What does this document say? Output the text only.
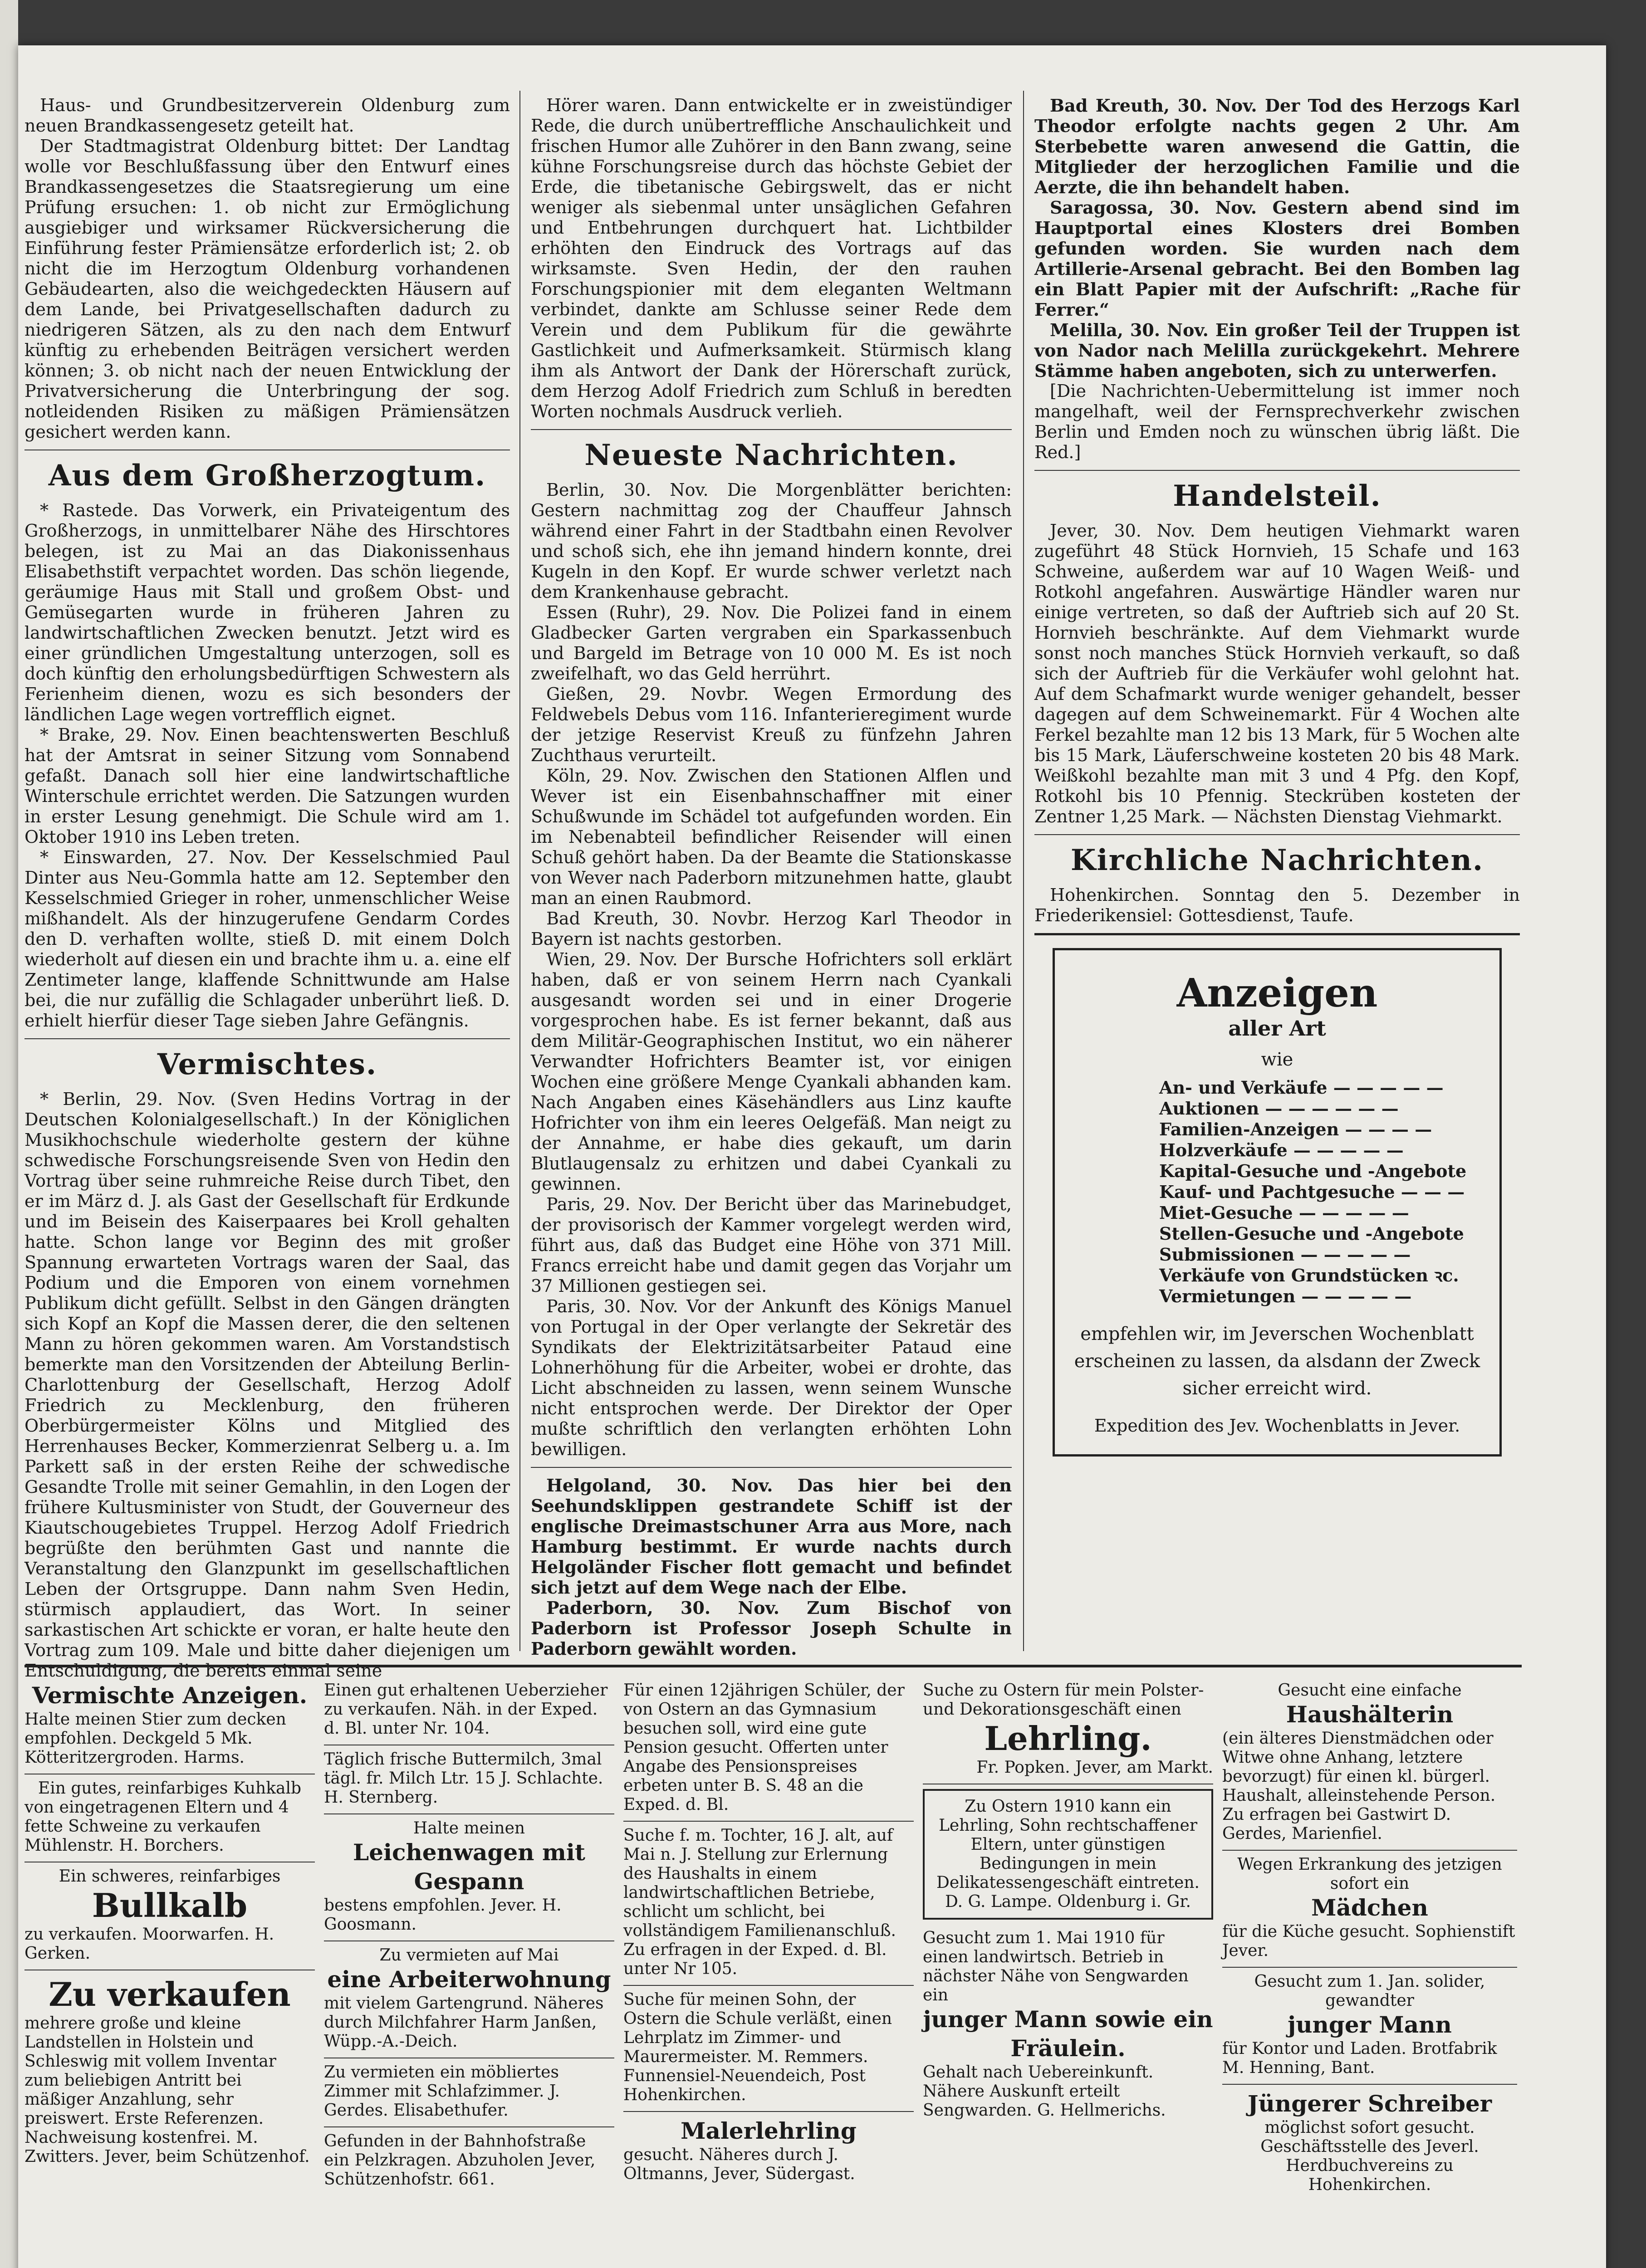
Haus- und Grundbesitzerverein Oldenburg zum neuen Brandkassengesetz geteilt hat.

Der Stadtmagistrat Oldenburg bittet: Der Landtag wolle vor Beschlußfassung über den Entwurf eines Brandkassengesetzes die Staatsregierung um eine Prüfung ersuchen: 1. ob nicht zur Ermöglichung ausgiebiger und wirksamer Rückversicherung die Einführung fester Prämiensätze erforderlich ist; 2. ob nicht die im Herzogtum Oldenburg vorhandenen Gebäudearten, also die weichgedeckten Häusern auf dem Lande, bei Privatgesellschaften dadurch zu niedrigeren Sätzen, als zu den nach dem Entwurf künftig zu erhebenden Beiträgen versichert werden können; 3. ob nicht nach der neuen Entwicklung der Privatversicherung die Unterbringung der sog. notleidenden Risiken zu mäßigen Prämiensätzen gesichert werden kann.

Aus dem Großherzogtum.

* Rastede. Das Vorwerk, ein Privateigentum des Großherzogs, in unmittelbarer Nähe des Hirschtores belegen, ist zu Mai an das Diakonissenhaus Elisabethstift verpachtet worden. Das schön liegende, geräumige Haus mit Stall und großem Obst- und Gemüsegarten wurde in früheren Jahren zu landwirtschaftlichen Zwecken benutzt. Jetzt wird es einer gründlichen Umgestaltung unterzogen, soll es doch künftig den erholungsbedürftigen Schwestern als Ferienheim dienen, wozu es sich besonders der ländlichen Lage wegen vortrefflich eignet.

* Brake, 29. Nov. Einen beachtenswerten Beschluß hat der Amtsrat in seiner Sitzung vom Sonnabend gefaßt. Danach soll hier eine landwirtschaftliche Winterschule errichtet werden. Die Satzungen wurden in erster Lesung genehmigt. Die Schule wird am 1. Oktober 1910 ins Leben treten.

* Einswarden, 27. Nov. Der Kesselschmied Paul Dinter aus Neu-Gommla hatte am 12. September den Kesselschmied Grieger in roher, unmenschlicher Weise mißhandelt. Als der hinzugerufene Gendarm Cordes den D. verhaften wollte, stieß D. mit einem Dolch wiederholt auf diesen ein und brachte ihm u. a. eine elf Zentimeter lange, klaffende Schnittwunde am Halse bei, die nur zufällig die Schlagader unberührt ließ. D. erhielt hierfür dieser Tage sieben Jahre Gefängnis.

Vermischtes.

* Berlin, 29. Nov. (Sven Hedins Vortrag in der Deutschen Kolonialgesellschaft.) In der Königlichen Musikhochschule wiederholte gestern der kühne schwedische Forschungsreisende Sven von Hedin den Vortrag über seine ruhmreiche Reise durch Tibet, den er im März d. J. als Gast der Gesellschaft für Erdkunde und im Beisein des Kaiserpaares bei Kroll gehalten hatte. Schon lange vor Beginn des mit großer Spannung erwarteten Vortrags waren der Saal, das Podium und die Emporen von einem vornehmen Publikum dicht gefüllt. Selbst in den Gängen drängten sich Kopf an Kopf die Massen derer, die den seltenen Mann zu hören gekommen waren. Am Vorstandstisch bemerkte man den Vorsitzenden der Abteilung Berlin-Charlottenburg der Gesellschaft, Herzog Adolf Friedrich zu Mecklenburg, den früheren Oberbürgermeister Kölns und Mitglied des Herrenhauses Becker, Kommerzienrat Selberg u. a. Im Parkett saß in der ersten Reihe der schwedische Gesandte Trolle mit seiner Gemahlin, in den Logen der frühere Kultusminister von Studt, der Gouverneur des Kiautschougebietes Truppel. Herzog Adolf Friedrich begrüßte den berühmten Gast und nannte die Veranstaltung den Glanzpunkt im gesellschaftlichen Leben der Ortsgruppe. Dann nahm Sven Hedin, stürmisch applaudiert, das Wort. In seiner sarkastischen Art schickte er voran, er halte heute den Vortrag zum 109. Male und bitte daher diejenigen um Entschuldigung, die bereits einmal seine

Hörer waren. Dann entwickelte er in zweistündiger Rede, die durch unübertreffliche Anschaulichkeit und frischen Humor alle Zuhörer in den Bann zwang, seine kühne Forschungsreise durch das höchste Gebiet der Erde, die tibetanische Gebirgswelt, das er nicht weniger als siebenmal unter unsäglichen Gefahren und Entbehrungen durchquert hat. Lichtbilder erhöhten den Eindruck des Vortrags auf das wirksamste. Sven Hedin, der den rauhen Forschungspionier mit dem eleganten Weltmann verbindet, dankte am Schlusse seiner Rede dem Verein und dem Publikum für die gewährte Gastlichkeit und Aufmerksamkeit. Stürmisch klang ihm als Antwort der Dank der Hörerschaft zurück, dem Herzog Adolf Friedrich zum Schluß in beredten Worten nochmals Ausdruck verlieh.

Neueste Nachrichten.

Berlin, 30. Nov. Die Morgenblätter berichten: Gestern nachmittag zog der Chauffeur Jahnsch während einer Fahrt in der Stadtbahn einen Revolver und schoß sich, ehe ihn jemand hindern konnte, drei Kugeln in den Kopf. Er wurde schwer verletzt nach dem Krankenhause gebracht.

Essen (Ruhr), 29. Nov. Die Polizei fand in einem Gladbecker Garten vergraben ein Sparkassenbuch und Bargeld im Betrage von 10 000 M. Es ist noch zweifelhaft, wo das Geld herrührt.

Gießen, 29. Novbr. Wegen Ermordung des Feldwebels Debus vom 116. Infanterieregiment wurde der jetzige Reservist Kreuß zu fünfzehn Jahren Zuchthaus verurteilt.

Köln, 29. Nov. Zwischen den Stationen Alflen und Wever ist ein Eisenbahnschaffner mit einer Schußwunde im Schädel tot aufgefunden worden. Ein im Nebenabteil befindlicher Reisender will einen Schuß gehört haben. Da der Beamte die Stationskasse von Wever nach Paderborn mitzunehmen hatte, glaubt man an einen Raubmord.

Bad Kreuth, 30. Novbr. Herzog Karl Theodor in Bayern ist nachts gestorben.

Wien, 29. Nov. Der Bursche Hofrichters soll erklärt haben, daß er von seinem Herrn nach Cyankali ausgesandt worden sei und in einer Drogerie vorgesprochen habe. Es ist ferner bekannt, daß aus dem Militär-Geographischen Institut, wo ein näherer Verwandter Hofrichters Beamter ist, vor einigen Wochen eine größere Menge Cyankali abhanden kam. Nach Angaben eines Käsehändlers aus Linz kaufte Hofrichter von ihm ein leeres Oelgefäß. Man neigt zu der Annahme, er habe dies gekauft, um darin Blutlaugensalz zu erhitzen und dabei Cyankali zu gewinnen.

Paris, 29. Nov. Der Bericht über das Marinebudget, der provisorisch der Kammer vorgelegt werden wird, führt aus, daß das Budget eine Höhe von 371 Mill. Francs erreicht habe und damit gegen das Vorjahr um 37 Millionen gestiegen sei.

Paris, 30. Nov. Vor der Ankunft des Königs Manuel von Portugal in der Oper verlangte der Sekretär des Syndikats der Elektrizitätsarbeiter Pataud eine Lohnerhöhung für die Arbeiter, wobei er drohte, das Licht abschneiden zu lassen, wenn seinem Wunsche nicht entsprochen werde. Der Direktor der Oper mußte schriftlich den verlangten erhöhten Lohn bewilligen.

Helgoland, 30. Nov. Das hier bei den Seehundsklippen gestrandete Schiff ist der englische Dreimastschuner Arra aus More, nach Hamburg bestimmt. Er wurde nachts durch Helgoländer Fischer flott gemacht und befindet sich jetzt auf dem Wege nach der Elbe.

Paderborn, 30. Nov. Zum Bischof von Paderborn ist Professor Joseph Schulte in Paderborn gewählt worden.

Bad Kreuth, 30. Nov. Der Tod des Herzogs Karl Theodor erfolgte nachts gegen 2 Uhr. Am Sterbebette waren anwesend die Gattin, die Mitglieder der herzoglichen Familie und die Aerzte, die ihn behandelt haben.

Saragossa, 30. Nov. Gestern abend sind im Hauptportal eines Klosters drei Bomben gefunden worden. Sie wurden nach dem Artillerie-Arsenal gebracht. Bei den Bomben lag ein Blatt Papier mit der Aufschrift: „Rache für Ferrer.“

Melilla, 30. Nov. Ein großer Teil der Truppen ist von Nador nach Melilla zurückgekehrt. Mehrere Stämme haben angeboten, sich zu unterwerfen.

[Die Nachrichten-Uebermittelung ist immer noch mangelhaft, weil der Fernsprechverkehr zwischen Berlin und Emden noch zu wünschen übrig läßt. Die Red.]

Handelsteil.

Jever, 30. Nov. Dem heutigen Viehmarkt waren zugeführt 48 Stück Hornvieh, 15 Schafe und 163 Schweine, außerdem war auf 10 Wagen Weiß- und Rotkohl angefahren. Auswärtige Händler waren nur einige vertreten, so daß der Auftrieb sich auf 20 St. Hornvieh beschränkte. Auf dem Viehmarkt wurde sonst noch manches Stück Hornvieh verkauft, so daß sich der Auftrieb für die Verkäufer wohl gelohnt hat. Auf dem Schafmarkt wurde weniger gehandelt, besser dagegen auf dem Schweinemarkt. Für 4 Wochen alte Ferkel bezahlte man 12 bis 13 Mark, für 5 Wochen alte bis 15 Mark, Läuferschweine kosteten 20 bis 48 Mark. Weißkohl bezahlte man mit 3 und 4 Pfg. den Kopf, Rotkohl bis 10 Pfennig. Steckrüben kosteten der Zentner 1,25 Mark. — Nächsten Dienstag Viehmarkt.

Kirchliche Nachrichten.

Hohenkirchen. Sonntag den 5. Dezember in Friederikensiel: Gottesdienst, Taufe.

Anzeigen
aller Art
wie
An- und Verkäufe — — — — —
Auktionen — — — — — —
Familien-Anzeigen — — — —
Holzverkäufe — — — — —
Kapital-Gesuche und -Angebote
Kauf- und Pachtgesuche — — —
Miet-Gesuche — — — — —
Stellen-Gesuche und -Angebote
Submissionen — — — — —
Verkäufe von Grundstücken ꝛc.
Vermietungen — — — — —
empfehlen wir, im Jeverschen Wochenblatt erscheinen zu lassen, da alsdann der Zweck sicher erreicht wird.
Expedition des Jev. Wochenblatts in Jever.
Vermischte Anzeigen.
Halte meinen Stier zum decken empfohlen. Deckgeld 5 Mk. Kötteritzergroden. Harms.
Ein gutes, reinfarbiges Kuhkalb
von eingetragenen Eltern und 4 fette Schweine zu verkaufen Mühlenstr. H. Borchers.
Ein schweres, reinfarbiges
Bullkalb
zu verkaufen. Moorwarfen. H. Gerken.
Zu verkaufen
mehrere große und kleine Landstellen in Holstein und Schleswig mit vollem Inventar zum beliebigen Antritt bei mäßiger Anzahlung, sehr preiswert. Erste Referenzen. Nachweisung kostenfrei. M. Zwitters. Jever, beim Schützenhof.
Einen gut erhaltenen Ueberzieher zu verkaufen. Näh. in der Exped. d. Bl. unter Nr. 104.
Täglich frische Buttermilch, 3mal tägl. fr. Milch Ltr. 15 J. Schlachte. H. Sternberg.
Halte meinen
Leichenwagen mit Gespann
bestens empfohlen. Jever. H. Goosmann.
Zu vermieten auf Mai
eine Arbeiterwohnung
mit vielem Gartengrund. Näheres durch Milchfahrer Harm Janßen, Wüpp.-A.-Deich.
Zu vermieten ein möbliertes Zimmer mit Schlafzimmer. J. Gerdes. Elisabethufer.
Gefunden in der Bahnhofstraße ein Pelzkragen. Abzuholen Jever, Schützenhofstr. 661.
Für einen 12jährigen Schüler, der von Ostern an das Gymnasium besuchen soll, wird eine gute Pension gesucht. Offerten unter Angabe des Pensionspreises erbeten unter B. S. 48 an die Exped. d. Bl.
Suche f. m. Tochter, 16 J. alt, auf Mai n. J. Stellung zur Erlernung des Haushalts in einem landwirtschaftlichen Betriebe, schlicht um schlicht, bei vollständigem Familienanschluß. Zu erfragen in der Exped. d. Bl. unter Nr 105.
Suche für meinen Sohn, der Ostern die Schule verläßt, einen Lehrplatz im Zimmer- und Maurermeister. M. Remmers. Funnensiel-Neuendeich, Post Hohenkirchen.
Malerlehrling
gesucht. Näheres durch J. Oltmanns, Jever, Südergast.
Suche zu Ostern für mein Polster- und Dekorationsgeschäft einen
Lehrling.
Fr. Popken. Jever, am Markt.
Zu Ostern 1910 kann ein Lehrling, Sohn rechtschaffener Eltern, unter günstigen Bedingungen in mein Delikatessengeschäft eintreten. D. G. Lampe. Oldenburg i. Gr.
Gesucht zum 1. Mai 1910 für einen landwirtsch. Betrieb in nächster Nähe von Sengwarden ein
junger Mann sowie ein Fräulein.
Gehalt nach Uebereinkunft. Nähere Auskunft erteilt Sengwarden. G. Hellmerichs.
Gesucht eine einfache
Haushälterin
(ein älteres Dienstmädchen oder Witwe ohne Anhang, letztere bevorzugt) für einen kl. bürgerl. Haushalt, alleinstehende Person. Zu erfragen bei Gastwirt D. Gerdes, Marienfiel.
Wegen Erkrankung des jetzigen sofort ein
Mädchen
für die Küche gesucht. Sophienstift Jever.
Gesucht zum 1. Jan. solider, gewandter
junger Mann
für Kontor und Laden. Brotfabrik M. Henning, Bant.
Jüngerer Schreiber
möglichst sofort gesucht. Geschäftsstelle des Jeverl. Herdbuchvereins zu Hohenkirchen.
